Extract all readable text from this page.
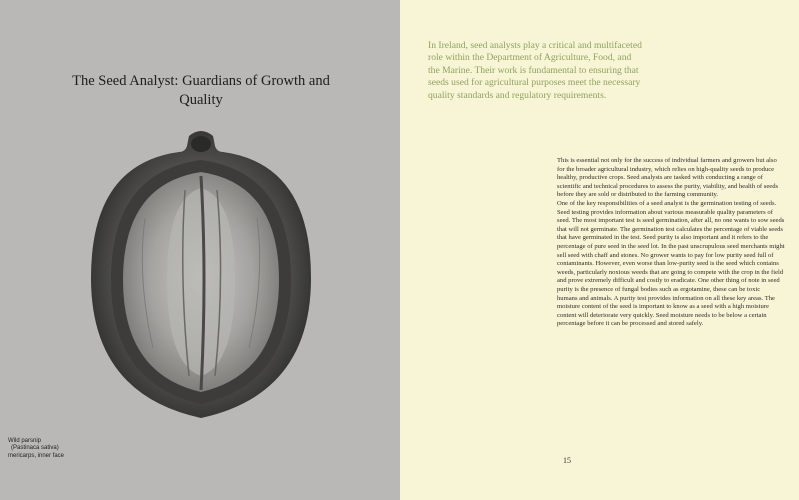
The Seed Analyst: Guardians of Growth and Quality
Wild parsnip
(Pastinaca sativa)
mericarps, inner face
In Ireland, seed analysts play a critical and multifaceted role within the Department of Agriculture, Food, and the Marine. Their work is fundamental to ensuring that seeds used for agricultural purposes meet the necessary quality standards and regulatory requirements.

This is essential not only for the success of individual farmers and growers but also for the broader agricultural industry, which relies on high-quality seeds to produce healthy, productive crops. Seed analysts are tasked with conducting a range of scientific and technical procedures to assess the purity, viability, and health of seeds before they are sold or distributed to the farming community.

One of the key responsibilities of a seed analyst is the germination testing of seeds. Seed testing provides information about various measurable quality parameters of seed. The most important test is seed germination, after all, no one wants to sow seeds that will not germinate. The germination test calculates the percentage of viable seeds that have germinated in the test. Seed purity is also important and it refers to the percentage of pure seed in the seed lot. In the past unscrupulous seed merchants might sell seed with chaff and stones. No grower wants to pay for low purity seed full of contaminants. However, even worse than low-purity seed is the seed which contains weeds, particularly noxious weeds that are going to compete with the crop in the field and prove extremely difficult and costly to eradicate. One other thing of note in seed purity is the presence of fungal bodies such as ergotamine, these can be toxic

humans and animals. A purity test provides information on all these key areas. The moisture content of the seed is important to know as a seed with a high moisture content will deteriorate very quickly. Seed moisture needs to be below a certain percentage before it can be processed and stored safely.

15
